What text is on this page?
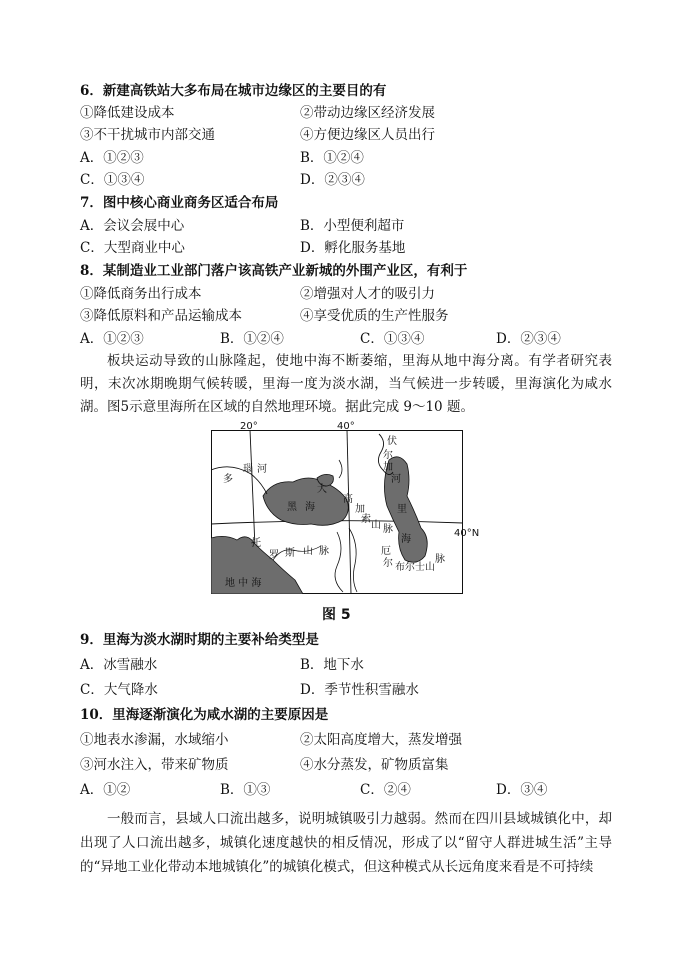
6．新建高铁站大多布局在城市边缘区的主要目的有
①降低建设成本	②带动边缘区经济发展
③不干扰城市内部交通	④方便边缘区人员出行
A．①②③	B．①②④
C．①③④	D．②③④
7．图中核心商业商务区适合布局
A．会议会展中心	B．小型便利超市
C．大型商业中心	D．孵化服务基地
8．某制造业工业部门落户该高铁产业新城的外围产业区，有利于
①降低商务出行成本	②增强对人才的吸引力
③降低原料和产品运输成本	④享受优质的生产性服务
A．①②③	B．①②④	C．①③④	D．②③④
板块运动导致的山脉隆起，使地中海不断萎缩，里海从地中海分离。有学者研究表明，末次冰期晚期气候转暖，里海一度为淡水湖，当气候进一步转暖，里海演化为咸水湖。图5示意里海所在区域的自然地理环境。据此完成 9～10 题。
20°	40°
多
瑙 河
伏
尔
加
河
黑 海	里
海
大
高
加
索
山 脉
托
罗 斯 山 脉	厄
尔 布尔士山
脉
地 中 海
40°N
图 5
9．里海为淡水湖时期的主要补给类型是
A．冰雪融水	B．地下水
C．大气降水	D．季节性积雪融水
10．里海逐渐演化为咸水湖的主要原因是
①地表水渗漏，水域缩小	②太阳高度增大，蒸发增强
③河水注入，带来矿物质	④水分蒸发，矿物质富集
A．①②	B．①③	C．②④	D．③④
一般而言，县域人口流出越多，说明城镇吸引力越弱。然而在四川县域城镇化中，却出现了人口流出越多，城镇化速度越快的相反情况，形成了以“留守人群进城生活”主导的“异地工业化带动本地城镇化”的城镇化模式，但这种模式从长远角度来看是不可持续
